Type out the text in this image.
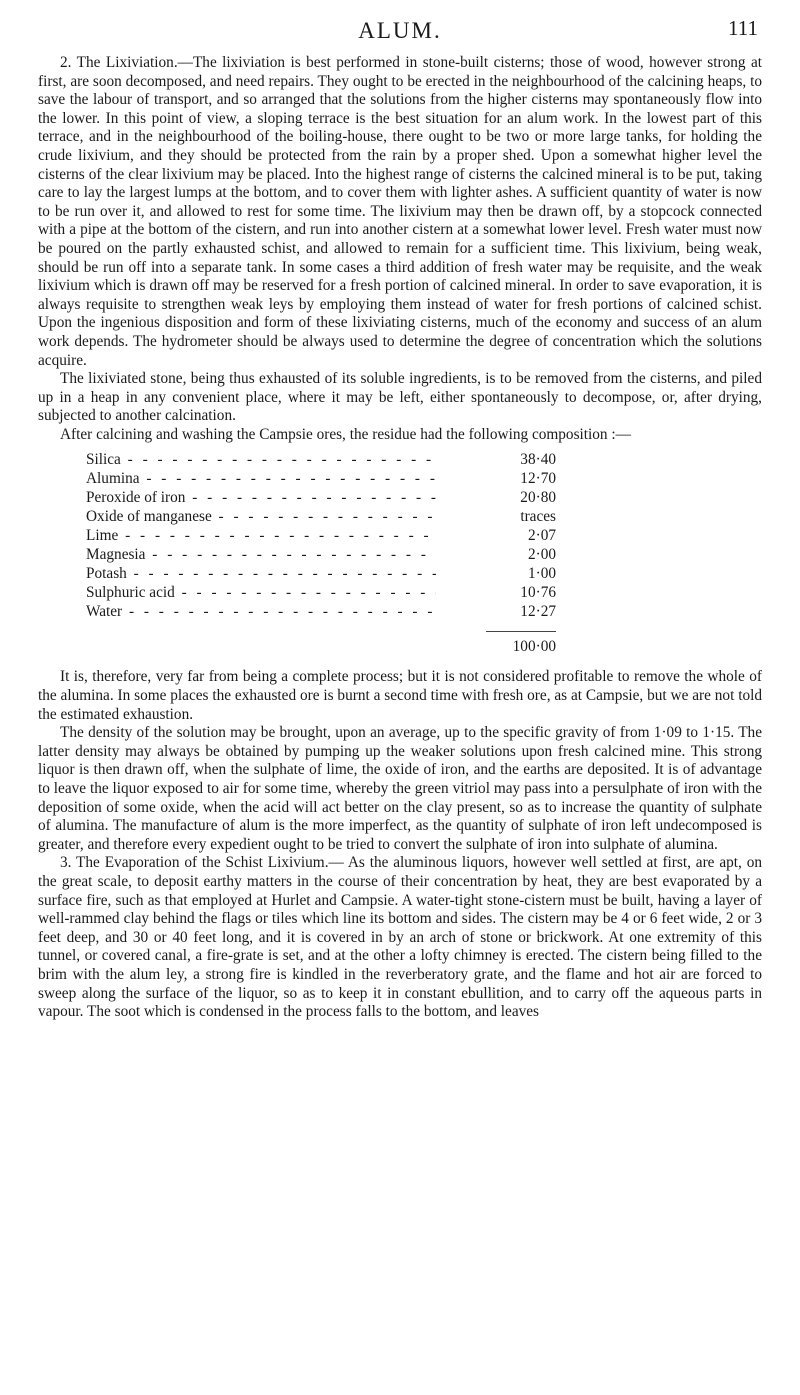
ALUM.	111

2. The Lixiviation.—The lixiviation is best performed in stone-built cisterns; those of wood, however strong at first, are soon decomposed, and need repairs. They ought to be erected in the neighbourhood of the calcining heaps, to save the labour of transport, and so arranged that the solutions from the higher cisterns may spontaneously flow into the lower. In this point of view, a sloping terrace is the best situation for an alum work. In the lowest part of this terrace, and in the neighbourhood of the boiling-house, there ought to be two or more large tanks, for holding the crude lixivium, and they should be protected from the rain by a proper shed. Upon a somewhat higher level the cisterns of the clear lixivium may be placed. Into the highest range of cisterns the calcined mineral is to be put, taking care to lay the largest lumps at the bottom, and to cover them with lighter ashes. A sufficient quantity of water is now to be run over it, and allowed to rest for some time. The lixivium may then be drawn off, by a stopcock connected with a pipe at the bottom of the cistern, and run into another cistern at a somewhat lower level. Fresh water must now be poured on the partly exhausted schist, and allowed to remain for a sufficient time. This lixivium, being weak, should be run off into a separate tank. In some cases a third addition of fresh water may be requisite, and the weak lixivium which is drawn off may be reserved for a fresh portion of calcined mineral. In order to save evaporation, it is always requisite to strengthen weak leys by employing them instead of water for fresh portions of calcined schist. Upon the ingenious disposition and form of these lixiviating cisterns, much of the economy and success of an alum work depends. The hydrometer should be always used to determine the degree of concentration which the solutions acquire.

The lixiviated stone, being thus exhausted of its soluble ingredients, is to be removed from the cisterns, and piled up in a heap in any convenient place, where it may be left, either spontaneously to decompose, or, after drying, subjected to another calcination.

After calcining and washing the Campsie ores, the residue had the following composition :—

Silica - - -	38·40
Alumina - - -	12·70
Peroxide of iron - - -	20·80
Oxide of manganese - - -	traces
Lime - - -	2·07
Magnesia - - -	2·00
Potash - - -	1·00
Sulphuric acid - - -	10·76
Water - - -	12·27
100·00

It is, therefore, very far from being a complete process; but it is not considered profitable to remove the whole of the alumina. In some places the exhausted ore is burnt a second time with fresh ore, as at Campsie, but we are not told the estimated exhaustion.

The density of the solution may be brought, upon an average, up to the specific gravity of from 1·09 to 1·15. The latter density may always be obtained by pumping up the weaker solutions upon fresh calcined mine. This strong liquor is then drawn off, when the sulphate of lime, the oxide of iron, and the earths are deposited. It is of advantage to leave the liquor exposed to air for some time, whereby the green vitriol may pass into a persulphate of iron with the deposition of some oxide, when the acid will act better on the clay present, so as to increase the quantity of sulphate of alumina. The manufacture of alum is the more imperfect, as the quantity of sulphate of iron left undecomposed is greater, and therefore every expedient ought to be tried to convert the sulphate of iron into sulphate of alumina.

3. The Evaporation of the Schist Lixivium.— As the aluminous liquors, however well settled at first, are apt, on the great scale, to deposit earthy matters in the course of their concentration by heat, they are best evaporated by a surface fire, such as that employed at Hurlet and Campsie. A water-tight stone-cistern must be built, having a layer of well-rammed clay behind the flags or tiles which line its bottom and sides. The cistern may be 4 or 6 feet wide, 2 or 3 feet deep, and 30 or 40 feet long, and it is covered in by an arch of stone or brickwork. At one extremity of this tunnel, or covered canal, a fire-grate is set, and at the other a lofty chimney is erected. The cistern being filled to the brim with the alum ley, a strong fire is kindled in the reverberatory grate, and the flame and hot air are forced to sweep along the surface of the liquor, so as to keep it in constant ebullition, and to carry off the aqueous parts in vapour. The soot which is condensed in the process falls to the bottom, and leaves
